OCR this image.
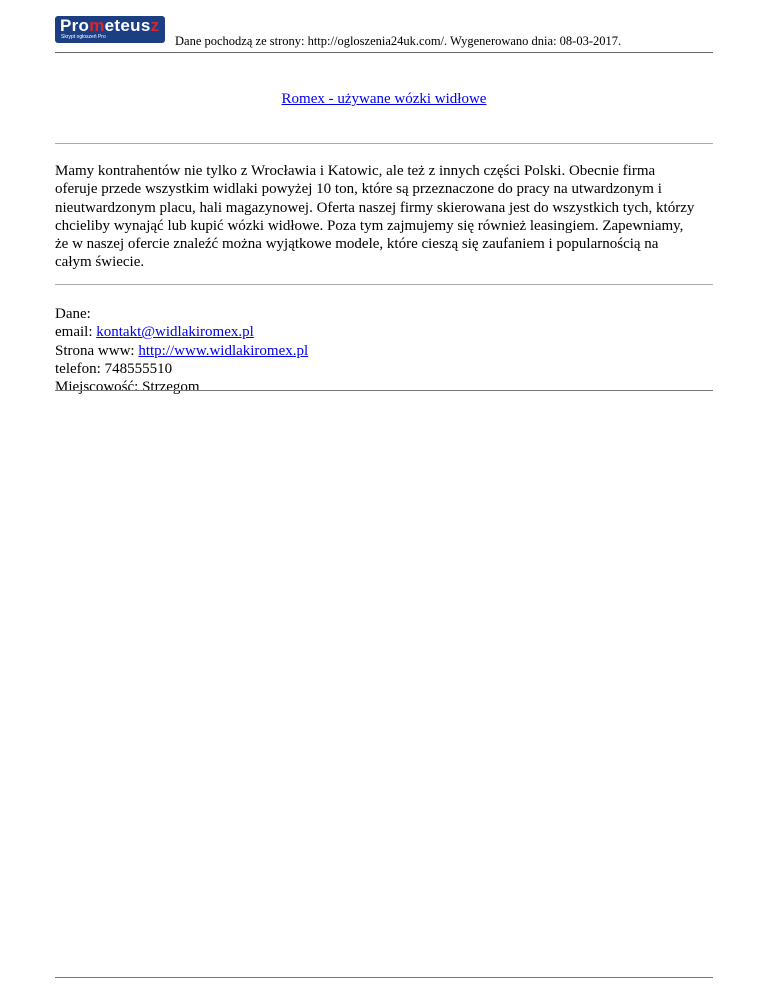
Prometeusz
Skrypt ogłoszeń Pro	Dane pochodzą ze strony: http://ogloszenia24uk.com/. Wygenerowano dnia: 08-03-2017.
Romex - używane wózki widłowe

Mamy kontrahentów nie tylko z Wrocławia i Katowic, ale też z innych części Polski. Obecnie firma oferuje przede wszystkim widlaki powyżej 10 ton, które są przeznaczone do pracy na utwardzonym i nieutwardzonym placu, hali magazynowej. Oferta naszej firmy skierowana jest do wszystkich tych, którzy chcieliby wynająć lub kupić wózki widłowe. Poza tym zajmujemy się również leasingiem. Zapewniamy, że w naszej ofercie znaleźć można wyjątkowe modele, które cieszą się zaufaniem i popularnością na całym świecie.

Dane:
email: kontakt@widlakiromex.pl
Strona www: http://www.widlakiromex.pl
telefon: 748555510
Miejscowość: Strzegom
